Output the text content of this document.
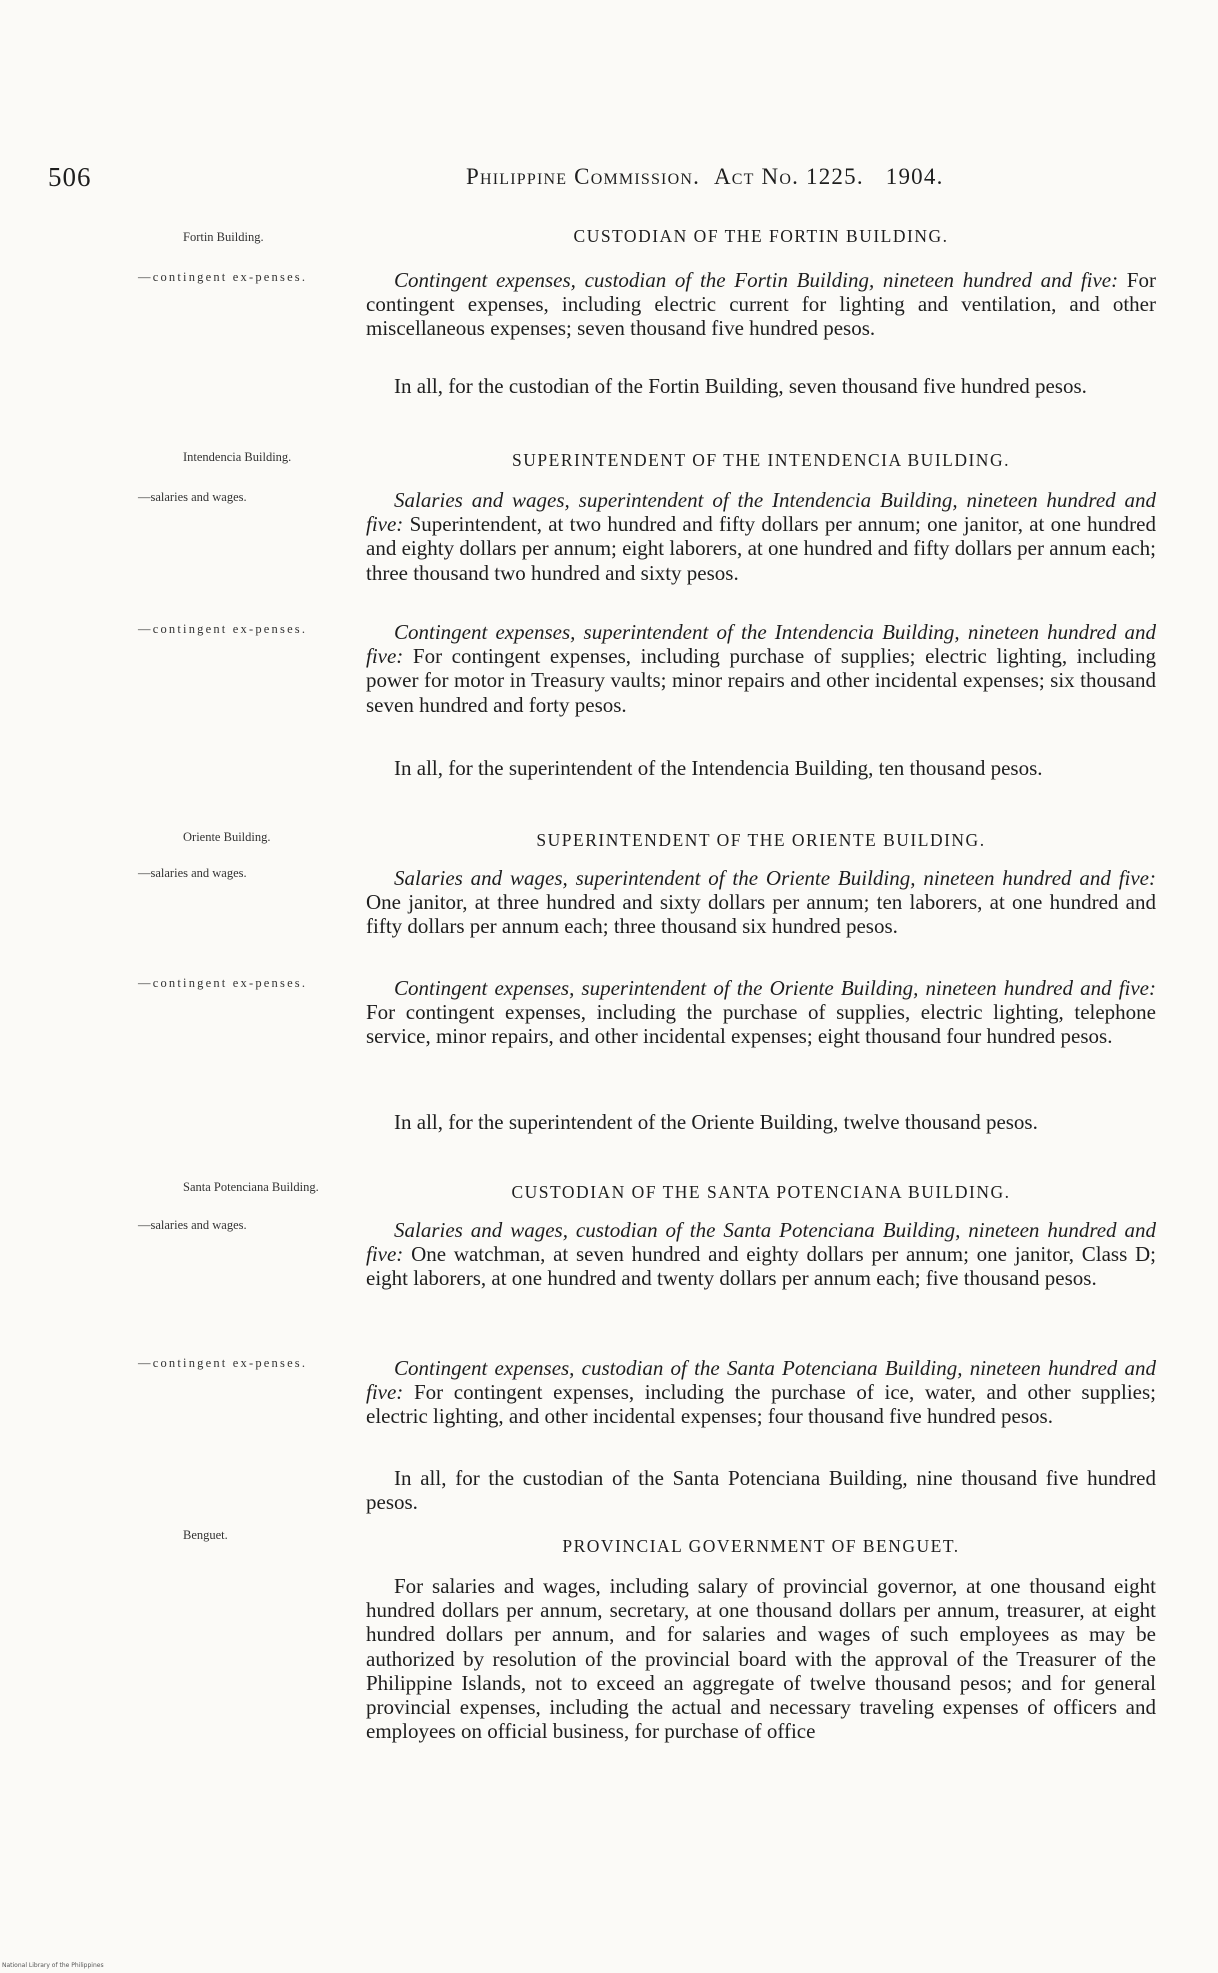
506	Philippine Commission. Act No. 1225. 1904.
Fortin Building.	CUSTODIAN OF THE FORTIN BUILDING.
—contingent ex-penses.	Contingent expenses, custodian of the Fortin Building, nineteen hundred and five: For contingent expenses, including electric current for lighting and ventilation, and other miscellaneous expenses; seven thousand five hundred pesos.

In all, for the custodian of the Fortin Building, seven thousand five hundred pesos.

Intendencia Building.	SUPERINTENDENT OF THE INTENDENCIA BUILDING.
—salaries and wages.	Salaries and wages, superintendent of the Intendencia Building, nineteen hundred and five: Superintendent, at two hundred and fifty dollars per annum; one janitor, at one hundred and eighty dollars per annum; eight laborers, at one hundred and fifty dollars per annum each; three thousand two hundred and sixty pesos.

—contingent ex-penses.	Contingent expenses, superintendent of the Intendencia Building, nineteen hundred and five: For contingent expenses, including purchase of supplies; electric lighting, including power for motor in Treasury vaults; minor repairs and other incidental expenses; six thousand seven hundred and forty pesos.

In all, for the superintendent of the Intendencia Building, ten thousand pesos.

Oriente Building.	SUPERINTENDENT OF THE ORIENTE BUILDING.
—salaries and wages.	Salaries and wages, superintendent of the Oriente Building, nineteen hundred and five: One janitor, at three hundred and sixty dollars per annum; ten laborers, at one hundred and fifty dollars per annum each; three thousand six hundred pesos.

—contingent ex-penses.	Contingent expenses, superintendent of the Oriente Building, nineteen hundred and five: For contingent expenses, including the purchase of supplies, electric lighting, telephone service, minor repairs, and other incidental expenses; eight thousand four hundred pesos.

In all, for the superintendent of the Oriente Building, twelve thousand pesos.

Santa Potenciana Building.	CUSTODIAN OF THE SANTA POTENCIANA BUILDING.
—salaries and wages.	Salaries and wages, custodian of the Santa Potenciana Building, nineteen hundred and five: One watchman, at seven hundred and eighty dollars per annum; one janitor, Class D; eight laborers, at one hundred and twenty dollars per annum each; five thousand pesos.

—contingent ex-penses.	Contingent expenses, custodian of the Santa Potenciana Building, nineteen hundred and five: For contingent expenses, including the purchase of ice, water, and other supplies; electric lighting, and other incidental expenses; four thousand five hundred pesos.

In all, for the custodian of the Santa Potenciana Building, nine thousand five hundred pesos.

Benguet.
PROVINCIAL GOVERNMENT OF BENGUET.

For salaries and wages, including salary of provincial governor, at one thousand eight hundred dollars per annum, secretary, at one thousand dollars per annum, treasurer, at eight hundred dollars per annum, and for salaries and wages of such employees as may be authorized by resolution of the provincial board with the approval of the Treasurer of the Philippine Islands, not to exceed an aggregate of twelve thousand pesos; and for general provincial expenses, including the actual and necessary traveling expenses of officers and employees on official business, for purchase of office

National Library of the Philippines
